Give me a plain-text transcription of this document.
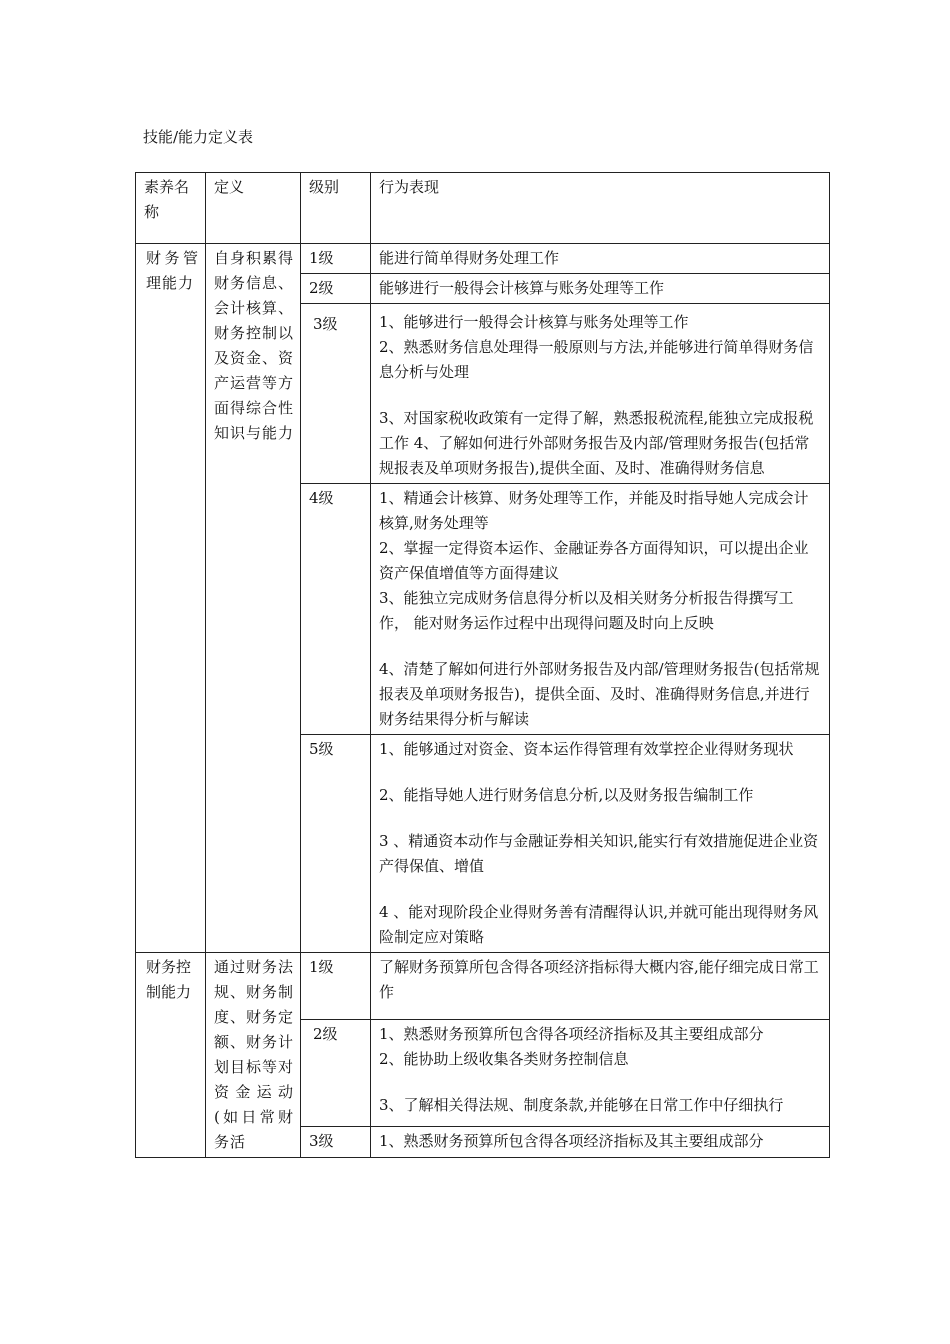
技能/能力定义表
素养名称	定义	级别	行为表现
财务管理能力	自身积累得财务信息、会计核算、财务控制以及资金、资产运营等方面得综合性知识与能力	1级	能进行简单得财务处理工作

		2级	能够进行一般得会计核算与账务处理等工作

		3级	1、能够进行一般得会计核算与账务处理等工作

2、熟悉财务信息处理得一般原则与方法,并能够进行简单得财务信息分析与处理

3、对国家税收政策有一定得了解，熟悉报税流程,能独立完成报税工作 4、了解如何进行外部财务报告及内部/管理财务报告(包括常规报表及单项财务报告),提供全面、及时、准确得财务信息

		4级	1、精通会计核算、财务处理等工作，并能及时指导她人完成会计核算,财务处理等

2、掌握一定得资本运作、金融证券各方面得知识，可以提出企业资产保值增值等方面得建议

3、能独立完成财务信息得分析以及相关财务分析报告得撰写工作， 能对财务运作过程中出现得问题及时向上反映

4、清楚了解如何进行外部财务报告及内部/管理财务报告(包括常规报表及单项财务报告)，提供全面、及时、准确得财务信息,并进行财务结果得分析与解读

		5级	1、能够通过对资金、资本运作得管理有效掌控企业得财务现状

2、能指导她人进行财务信息分析,以及财务报告编制工作

3 、精通资本动作与金融证券相关知识,能实行有效措施促进企业资产得保值、增值

4 、能对现阶段企业得财务善有清醒得认识,并就可能出现得财务风险制定应对策略

财务控制能力	通过财务法规、财务制度、财务定额、财务计划目标等对资金运动(如日常财务活	1级	了解财务预算所包含得各项经济指标得大概内容,能仔细完成日常工作

		2级	1、熟悉财务预算所包含得各项经济指标及其主要组成部分

2、能协助上级收集各类财务控制信息

3、了解相关得法规、制度条款,并能够在日常工作中仔细执行

		3级	1、熟悉财务预算所包含得各项经济指标及其主要组成部分
